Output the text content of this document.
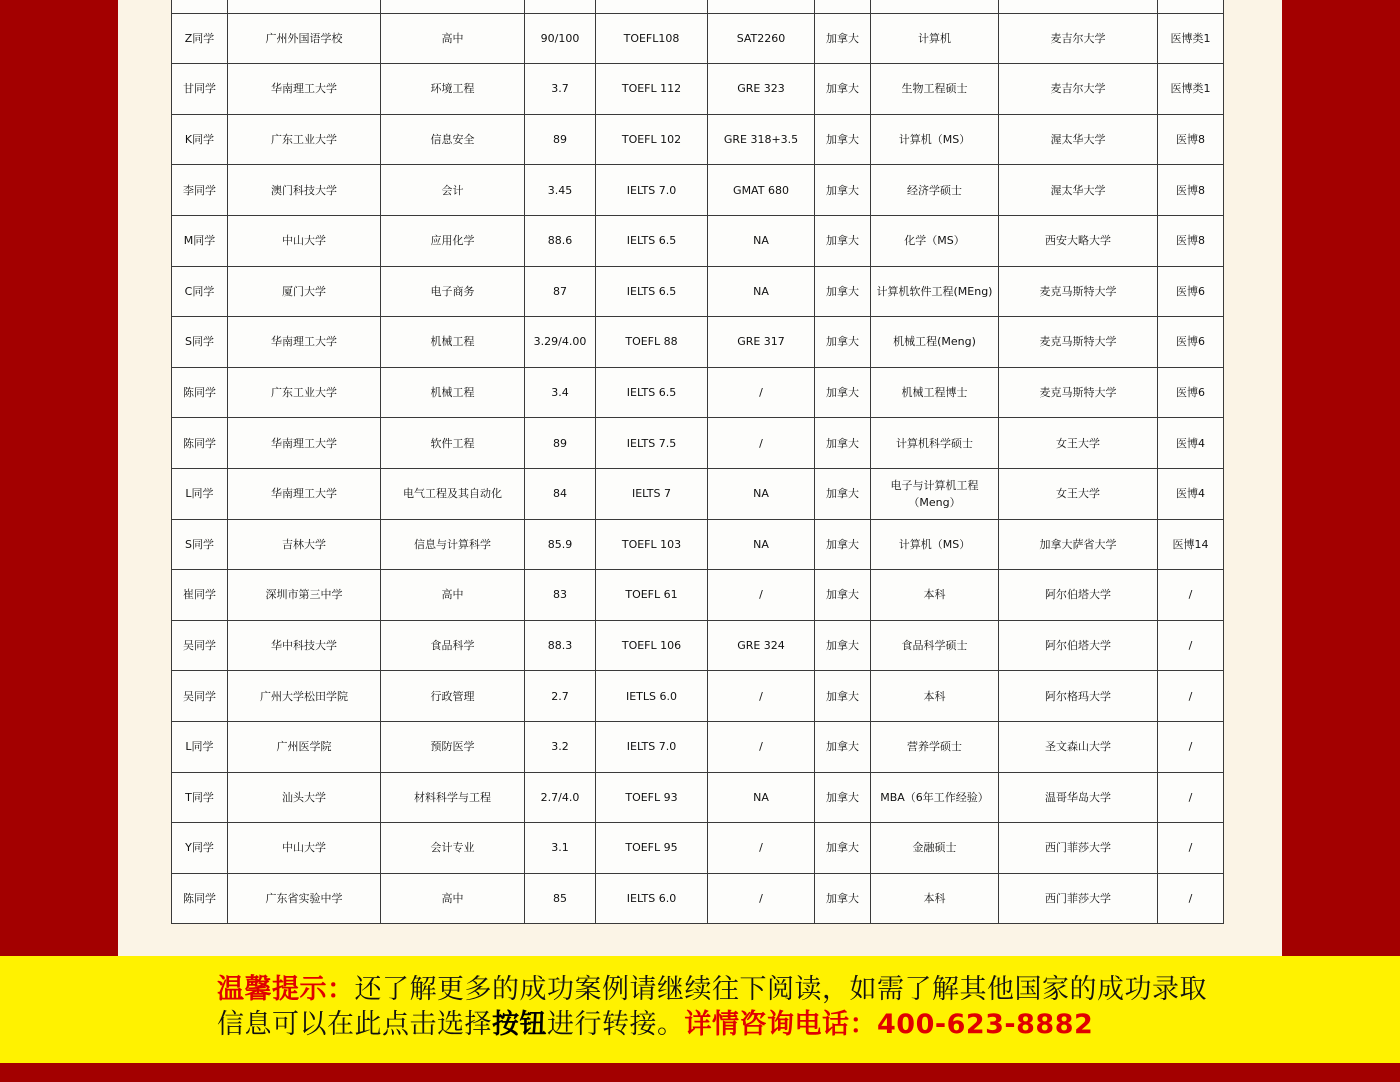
Z同学	广州外国语学校	高中	90/100	TOEFL108	SAT2260	加拿大	计算机	麦吉尔大学	医博类1
甘同学	华南理工大学	环境工程	3.7	TOEFL 112	GRE 323	加拿大	生物工程硕士	麦吉尔大学	医博类1
K同学	广东工业大学	信息安全	89	TOEFL 102	GRE 318+3.5	加拿大	计算机（MS）	渥太华大学	医博8
李同学	澳门科技大学	会计	3.45	IELTS 7.0	GMAT 680	加拿大	经济学硕士	渥太华大学	医博8
M同学	中山大学	应用化学	88.6	IELTS 6.5	NA	加拿大	化学（MS）	西安大略大学	医博8
C同学	厦门大学	电子商务	87	IELTS 6.5	NA	加拿大	计算机软件工程(MEng)	麦克马斯特大学	医博6
S同学	华南理工大学	机械工程	3.29/4.00	TOEFL 88	GRE 317	加拿大	机械工程(Meng)	麦克马斯特大学	医博6
陈同学	广东工业大学	机械工程	3.4	IELTS 6.5	/	加拿大	机械工程博士	麦克马斯特大学	医博6
陈同学	华南理工大学	软件工程	89	IELTS 7.5	/	加拿大	计算机科学硕士	女王大学	医博4
L同学	华南理工大学	电气工程及其自动化	84	IELTS 7	NA	加拿大	电子与计算机工程（Meng）	女王大学	医博4
S同学	吉林大学	信息与计算科学	85.9	TOEFL 103	NA	加拿大	计算机（MS）	加拿大萨省大学	医博14
崔同学	深圳市第三中学	高中	83	TOEFL 61	/	加拿大	本科	阿尔伯塔大学	/
吴同学	华中科技大学	食品科学	88.3	TOEFL 106	GRE 324	加拿大	食品科学硕士	阿尔伯塔大学	/
吴同学	广州大学松田学院	行政管理	2.7	IETLS 6.0	/	加拿大	本科	阿尔格玛大学	/
L同学	广州医学院	预防医学	3.2	IELTS 7.0	/	加拿大	营养学硕士	圣文森山大学	/
T同学	汕头大学	材料科学与工程	2.7/4.0	TOEFL 93	NA	加拿大	MBA（6年工作经验）	温哥华岛大学	/
Y同学	中山大学	会计专业	3.1	TOEFL 95	/	加拿大	金融硕士	西门菲莎大学	/
陈同学	广东省实验中学	高中	85	IELTS 6.0	/	加拿大	本科	西门菲莎大学	/
温馨提示：还了解更多的成功案例请继续往下阅读，如需了解其他国家的成功录取信息可以在此点击选择按钮进行转接。详情咨询电话：400-623-8882
